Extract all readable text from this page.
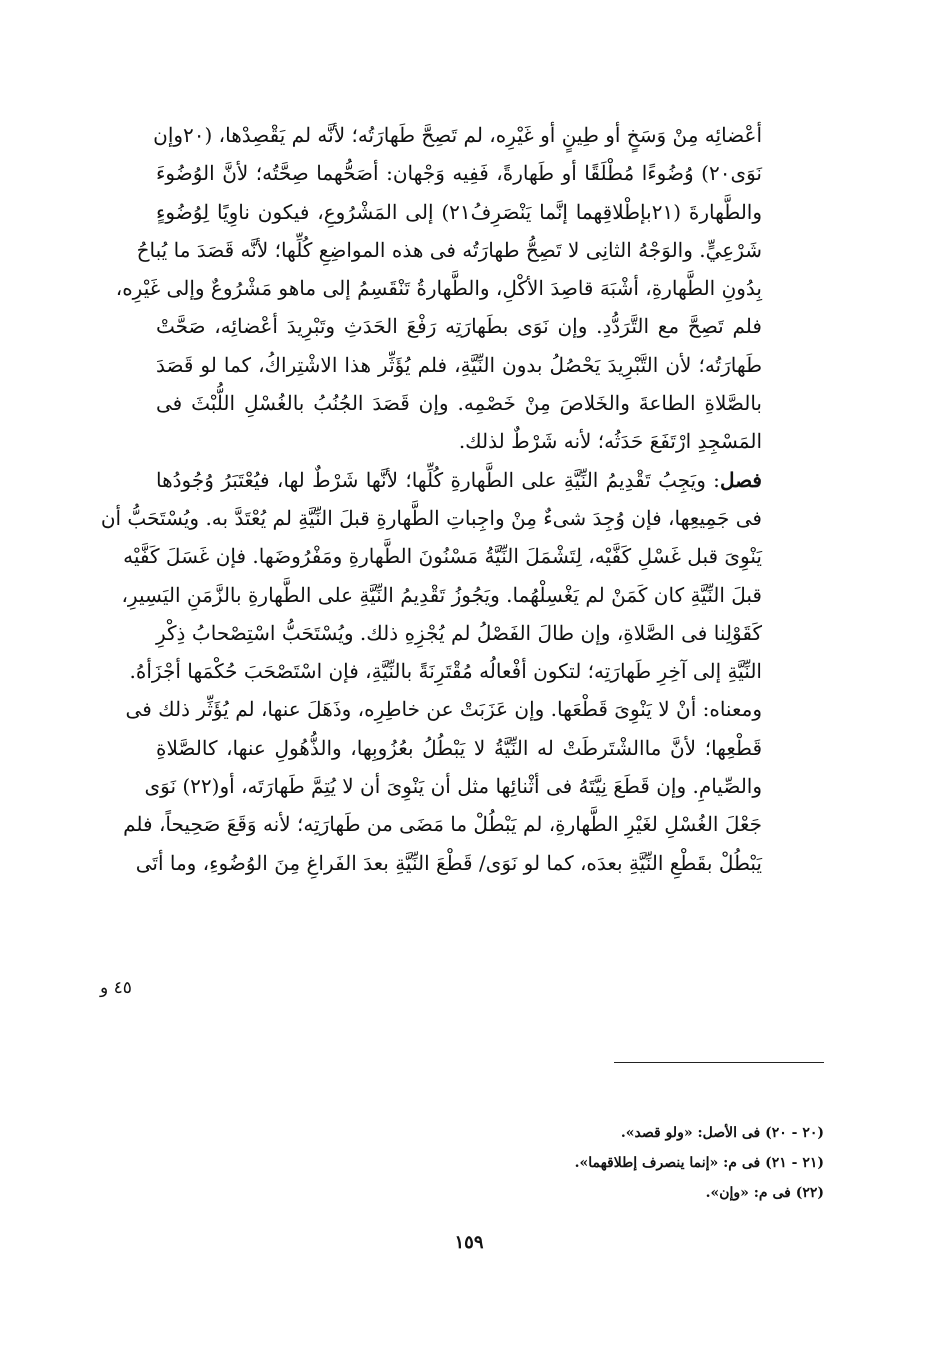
أعْضائِه مِنْ وَسَخٍ أو طِينٍ أو غَيْرِه، لم تَصِحَّ طَهارَتُه؛ لأنَّه لم يَقْصِدْها، (٢٠وإن

نَوَى٢٠) وُضُوءًا مُطْلَقًا أو طَهارةً، فَفِيه وَجْهان: أصَحُّهما صِحَّتُه؛ لأنَّ الوُضُوءَ

والطَّهارةَ (٢١بإطْلاقِهما إنَّما يَنْصَرِفُ٢١) إلى المَشْرُوعِ، فيكون ناوِيًا لِوُضُوءٍ

شَرْعِيٍّ. والوَجْهُ الثانِى لا تَصِحُّ طهارَتُه فى هذه المواضِعِ كُلِّها؛ لأنَّه قَصَدَ ما يُباحُ

بِدُونِ الطَّهارةِ، أشْبَهَ قاصِدَ الأكْلِ، والطَّهارةُ تَنْقَسِمُ إلى ماهو مَشْرُوعٌ وإلى غَيْرِه،

فلم تَصِحَّ مع التَّرَدُّدِ. وإن نَوَى بطَهارَتِه رَفْعَ الحَدَثِ وتَبْرِيدَ أعْضائِه، صَحَّتْ

طَهارَتُه؛ لأن التَّبْرِيدَ يَحْصُلُ بدون النِّيَّةِ، فلم يُؤَثِّر هذا الاشْتِراكُ، كما لو قَصَدَ

بالصَّلاةِ الطاعةَ والخَلاصَ مِنْ خَصْمِه. وإن قَصَدَ الجُنُبُ بالغُسْلِ اللُّبْثَ فى

المَسْجِدِ ارْتَفَعَ حَدَثُه؛ لأنه شَرْطٌ لذلك.

فصل: ويَجِبُ تَقْدِيمُ النِّيَّةِ على الطَّهارةِ كُلِّها؛ لأنَّها شَرْطٌ لها، فيُعْتَبَرُ وُجُودُها

فى جَمِيعِها، فإن وُجِدَ شىءٌ مِنْ واجِباتِ الطَّهارةِ قبلَ النِّيَّةِ لم يُعْتَدَّ به. ويُسْتَحَبُّ أن

يَنْوِىَ قبل غَسْلِ كَفَّيْه، لِتَشْمَلَ النِّيَّةُ مَسْنُونَ الطَّهارةِ ومَفْرُوضَها. فإن غَسَلَ كَفَّيْه

قبلَ النِّيَّةِ كان كَمَنْ لم يَغْسِلْهُما. ويَجُوزُ تَقْدِيمُ النِّيَّةِ على الطَّهارةِ بالزَّمَنِ اليَسِيرِ،

كَقَوْلِنا فى الصَّلاةِ، وإن طالَ الفَصْلُ لم يُجْزِهِ ذلك. ويُسْتَحَبُّ اسْتِصْحابُ ذِكْرِ

النِّيَّةِ إلى آخِرِ طَهارَتِه؛ لتكون أفْعالُه مُقْتَرِنَةً بالنِّيَّةِ، فإن اسْتَصْحَبَ حُكْمَها أجْزَأهُ.

ومعناه: أنْ لا يَنْوِىَ قَطْعَها. وإن عَزَبَتْ عن خاطِرِه، وذَهَلَ عنها، لم يُؤَثِّر ذلك فى

قَطْعِها؛ لأنَّ ماالشْتَرطَتْ له النِّيَّةُ لا يَبْطُلُ بعُزُوبِها، والذُّهُولِ عنها، كالصَّلاةِ

والصِّيامِ. وإن قَطَعَ نِيَّتَهُ فى أثْنائِها مثل أن يَنْوِىَ أن لا يُتِمَّ طَهارَتَه، أو(٢٢) نَوَى

جَعْلَ الغُسْلِ لغَيْرِ الطَّهارةِ، لم يَبْطُلْ ما مَضَى من طَهارَتِه؛ لأنه وَقَعَ صَحِيحاً، فلم

يَبْطُلْ بقَطْعِ النِّيَّةِ بعدَه، كما لو نَوَى/ قَطْعَ النِّيَّةِ بعدَ الفَراغِ مِنَ الوُضُوءِ، وما أتَى

٤٥ و
(٢٠ - ٢٠) فى الأصل: «ولو قصد».
(٢١ - ٢١) فى م: «إنما ينصرف إطلاقهما».
(٢٢) فى م: «وإن».
١٥٩
